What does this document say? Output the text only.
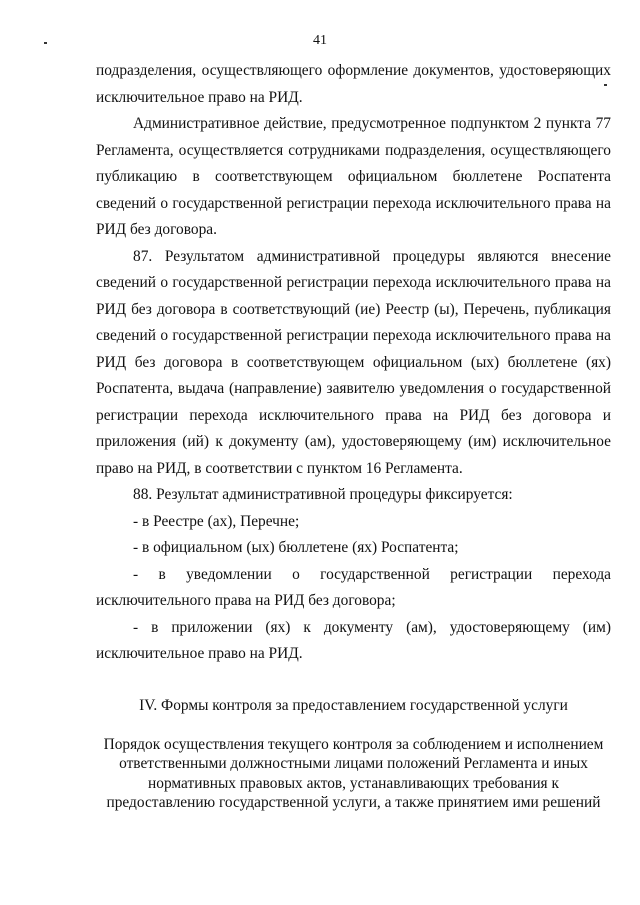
41

подразделения, осуществляющего оформление документов, удостоверяющих исключительное право на РИД.

Административное действие, предусмотренное подпунктом 2 пункта 77 Регламента, осуществляется сотрудниками подразделения, осуществляющего публикацию в соответствующем официальном бюллетене Роспатента сведений о государственной регистрации перехода исключительного права на РИД без договора.

87. Результатом административной процедуры являются внесение сведений о государственной регистрации перехода исключительного права на РИД без договора в соответствующий (ие) Реестр (ы), Перечень, публикация сведений о государственной регистрации перехода исключительного права на РИД без договора в соответствующем официальном (ых) бюллетене (ях) Роспатента, выдача (направление) заявителю уведомления о государственной регистрации перехода исключительного права на РИД без договора и приложения (ий) к документу (ам), удостоверяющему (им) исключительное право на РИД, в соответствии с пунктом 16 Регламента.

88. Результат административной процедуры фиксируется:

- в Реестре (ах), Перечне;

- в официальном (ых) бюллетене (ях) Роспатента;

- в уведомлении о государственной регистрации перехода исключительного права на РИД без договора;

- в приложении (ях) к документу (ам), удостоверяющему (им) исключительное право на РИД.

IV. Формы контроля за предоставлением государственной услуги

Порядок осуществления текущего контроля за соблюдением и исполнением ответственными должностными лицами положений Регламента и иных нормативных правовых актов, устанавливающих требования к предоставлению государственной услуги, а также принятием ими решений
